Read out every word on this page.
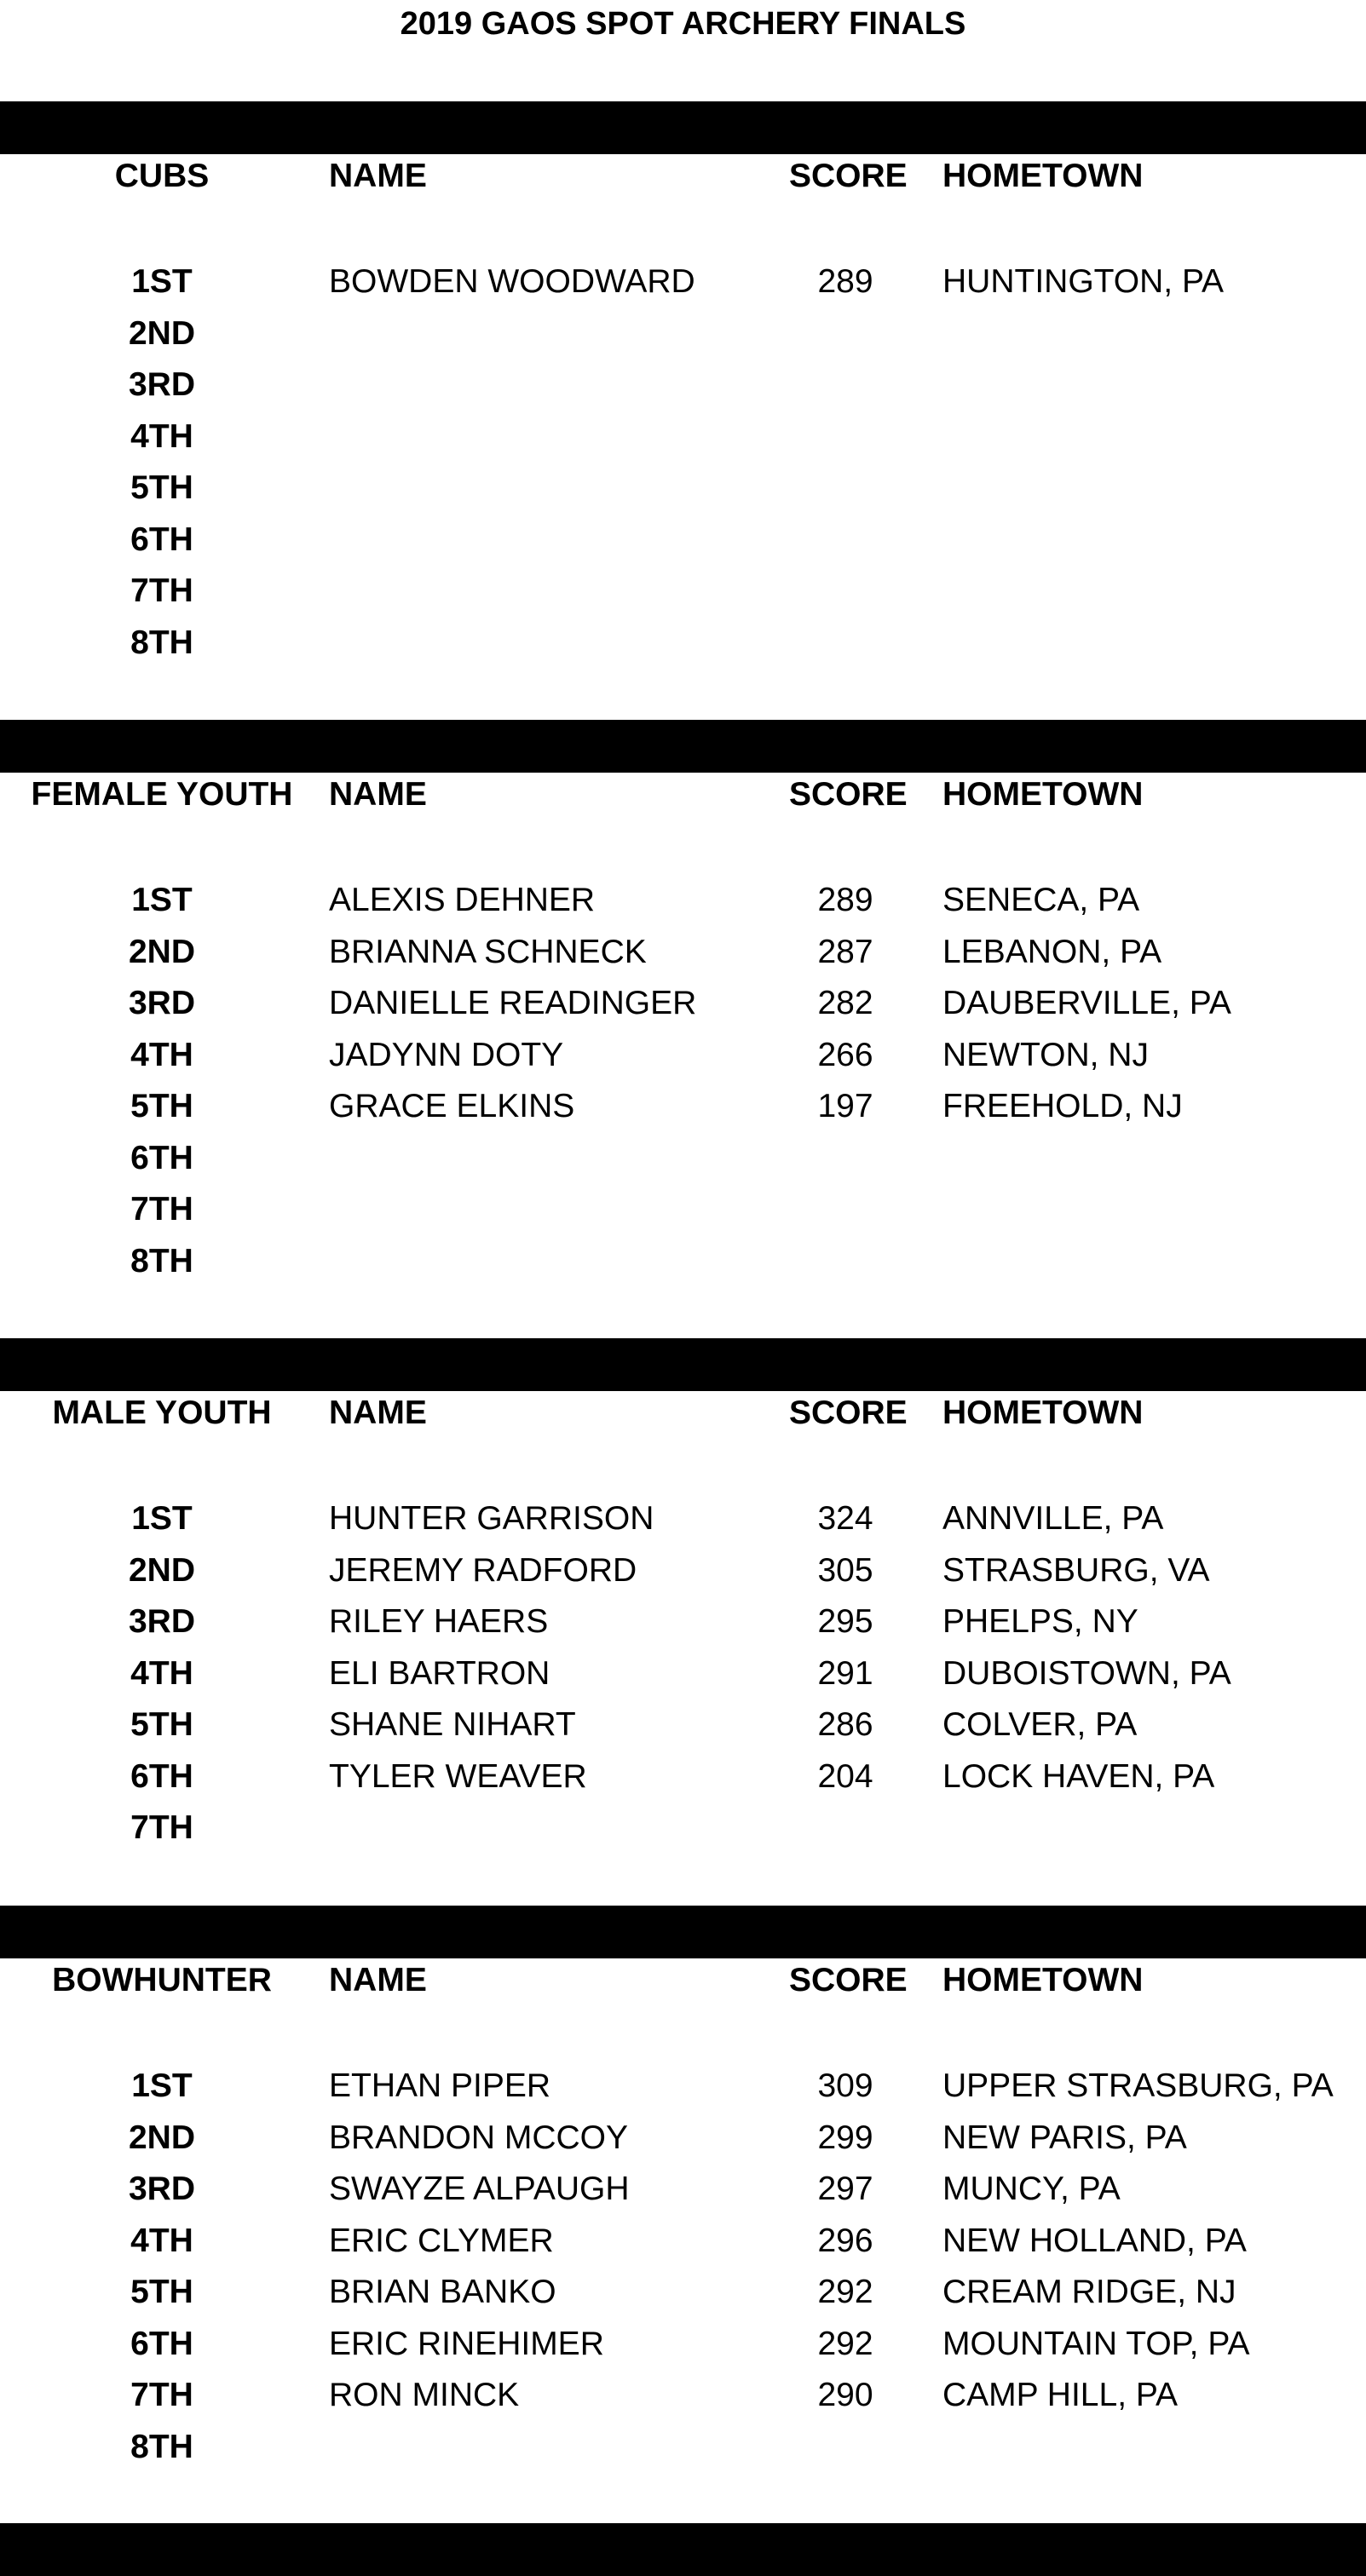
2019 GAOS SPOT ARCHERY FINALS
CUBS	NAME	SCORE HOMETOWN
1ST	BOWDEN WOODWARD	289	HUNTINGTON, PA
2ND
3RD
4TH
5TH
6TH
7TH
8TH
FEMALE YOUTH	NAME	SCORE HOMETOWN
1ST	ALEXIS DEHNER	289	SENECA, PA
2ND	BRIANNA SCHNECK	287	LEBANON, PA
3RD	DANIELLE READINGER	282	DAUBERVILLE, PA
4TH	JADYNN DOTY	266	NEWTON, NJ
5TH	GRACE ELKINS	197	FREEHOLD, NJ
6TH
7TH
8TH
MALE YOUTH	NAME	SCORE HOMETOWN
1ST	HUNTER GARRISON	324	ANNVILLE, PA
2ND	JEREMY RADFORD	305	STRASBURG, VA
3RD	RILEY HAERS	295	PHELPS, NY
4TH	ELI BARTRON	291	DUBOISTOWN, PA
5TH	SHANE NIHART	286	COLVER, PA
6TH	TYLER WEAVER	204	LOCK HAVEN, PA
7TH
BOWHUNTER	NAME	SCORE HOMETOWN
1ST	ETHAN PIPER	309	UPPER STRASBURG, PA
2ND	BRANDON MCCOY	299	NEW PARIS, PA
3RD	SWAYZE ALPAUGH	297	MUNCY, PA
4TH	ERIC CLYMER	296	NEW HOLLAND, PA
5TH	BRIAN BANKO	292	CREAM RIDGE, NJ
6TH	ERIC RINEHIMER	292	MOUNTAIN TOP, PA
7TH	RON MINCK	290	CAMP HILL, PA
8TH
